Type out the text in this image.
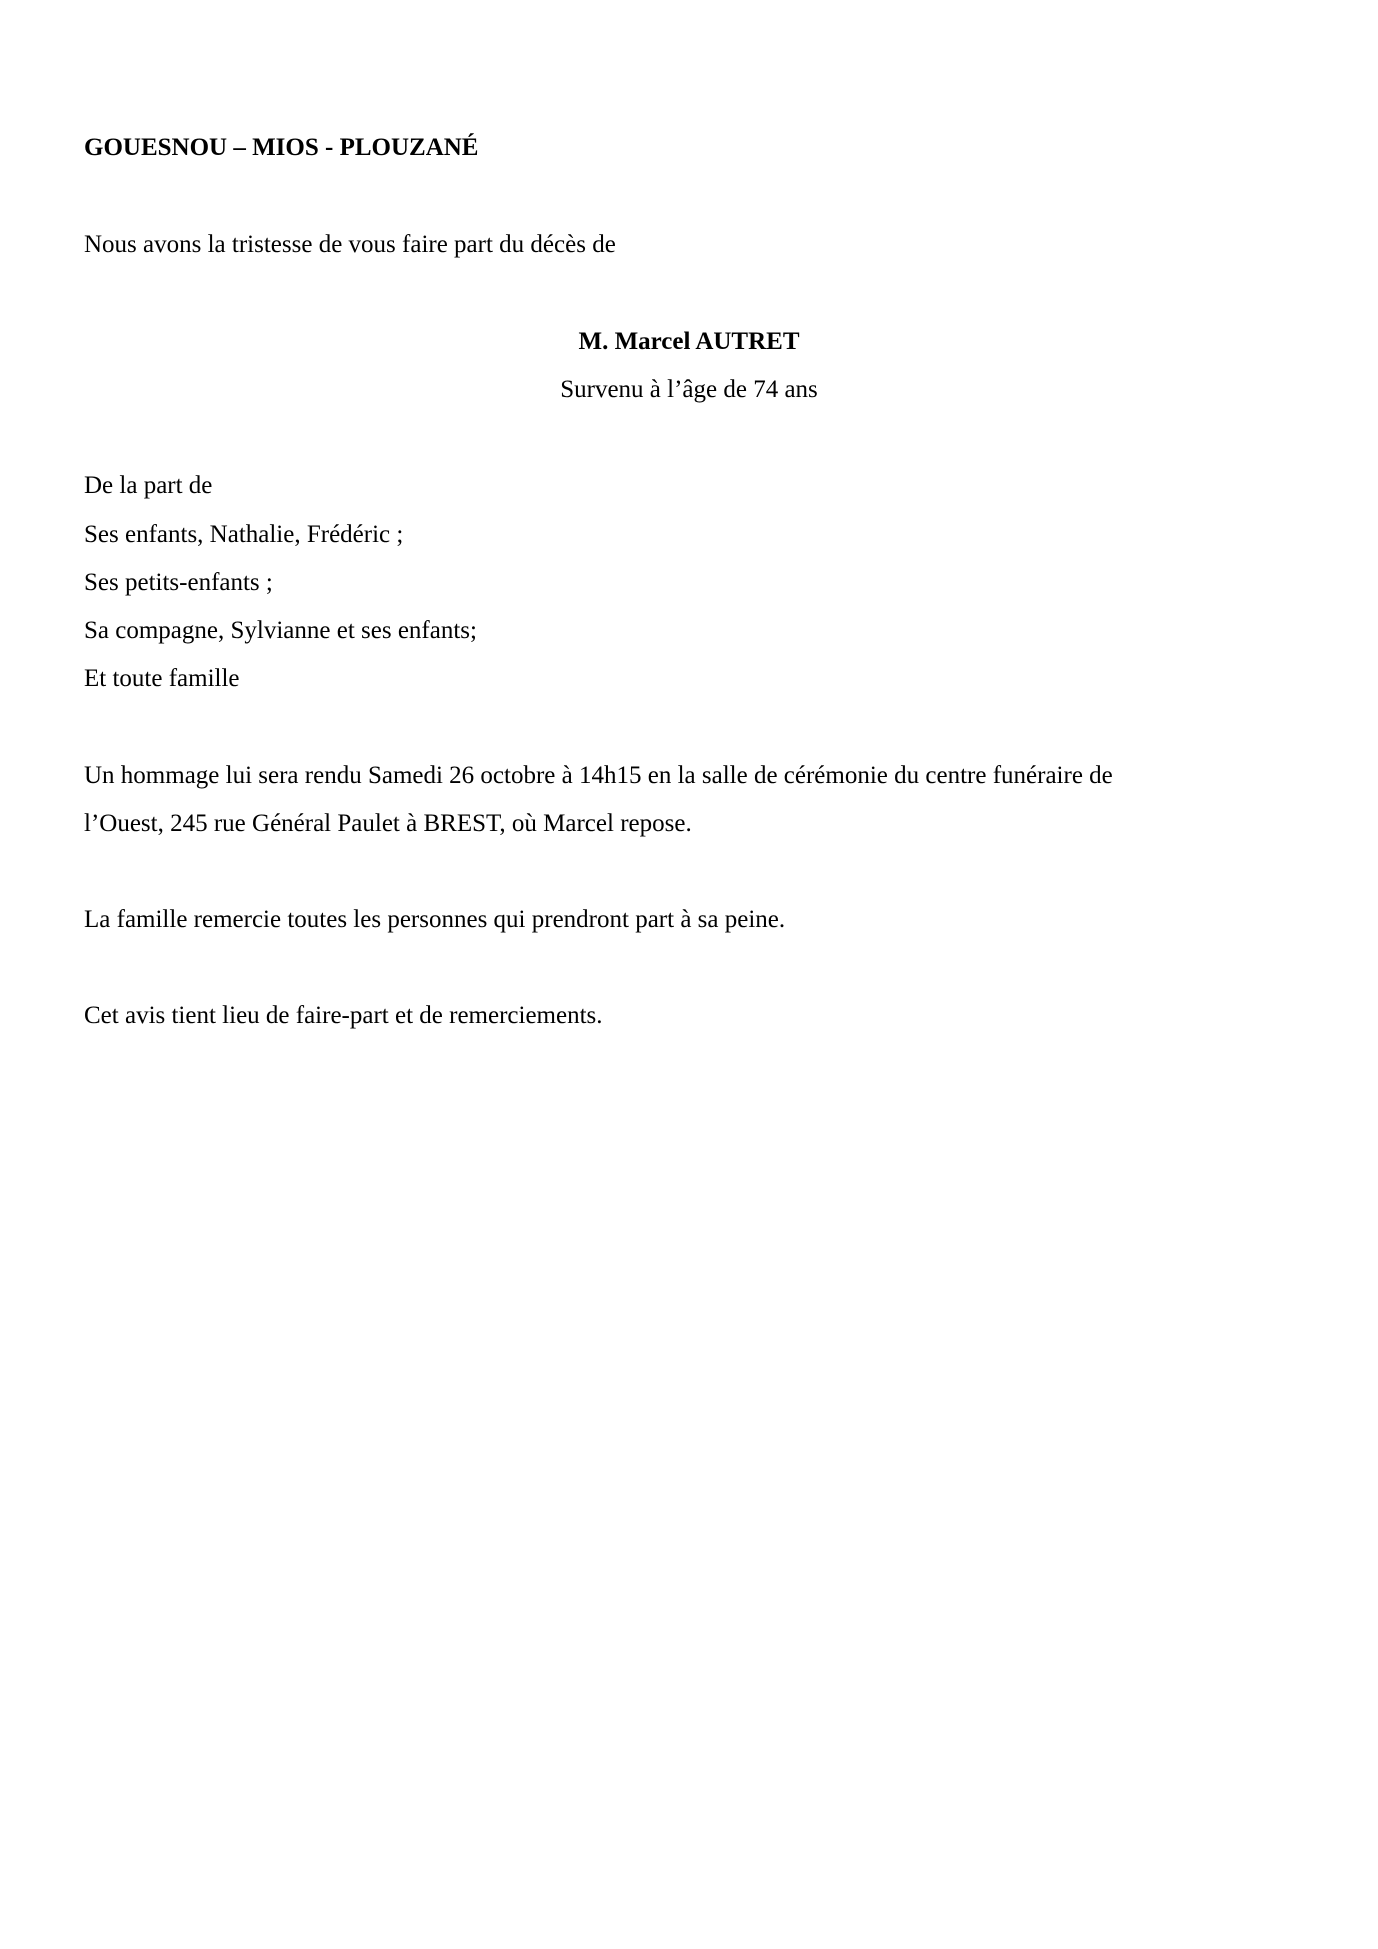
GOUESNOU – MIOS - PLOUZANÉ
Nous avons la tristesse de vous faire part du décès de
M. Marcel AUTRET
Survenu à l’âge de 74 ans
De la part de
Ses enfants, Nathalie, Frédéric ;
Ses petits-enfants ;
Sa compagne, Sylvianne et ses enfants;
Et toute famille
Un hommage lui sera rendu Samedi 26 octobre à 14h15 en la salle de cérémonie du centre funéraire de
l’Ouest, 245 rue Général Paulet à BREST, où Marcel repose.
La famille remercie toutes les personnes qui prendront part à sa peine.
Cet avis tient lieu de faire-part et de remerciements.
